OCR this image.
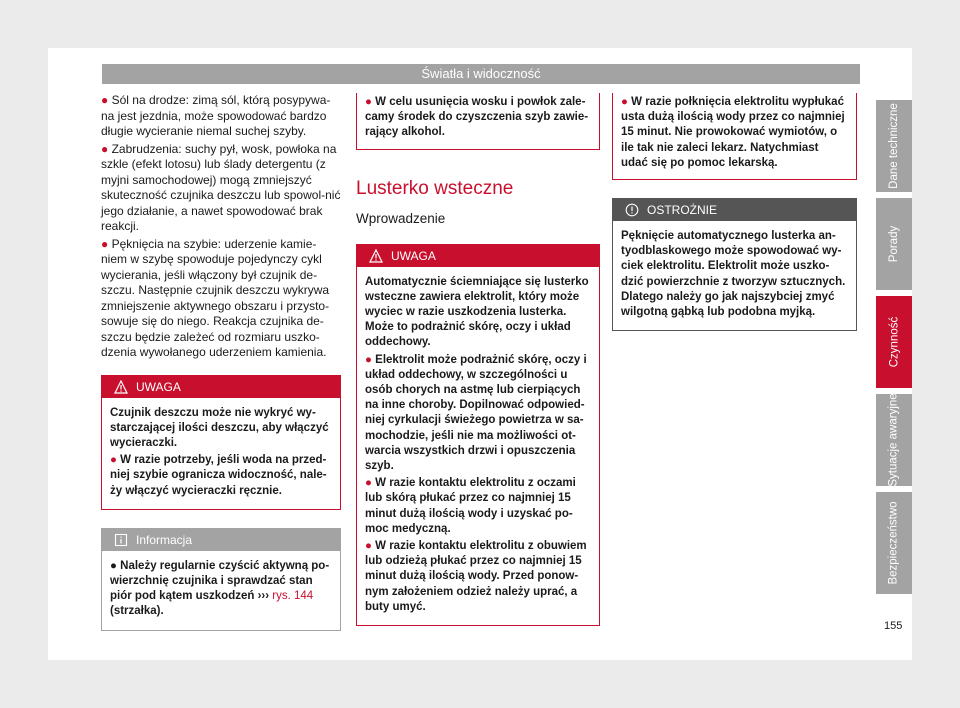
Światła i widoczność

● Sól na drodze: zimą sól, którą posypywa-na jest jezdnia, może spowodować bardzo długie wycieranie niemal suchej szyby.

● Zabrudzenia: suchy pył, wosk, powłoka na szkle (efekt lotosu) lub ślady detergentu (z myjni samochodowej) mogą zmniejszyć skuteczność czujnika deszczu lub spowol-nić jego działanie, a nawet spowodować brak reakcji.

● Pęknięcia na szybie: uderzenie kamie-niem w szybę spowoduje pojedynczy cykl wycierania, jeśli włączony był czujnik de-szczu. Następnie czujnik deszczu wykrywa zmniejszenie aktywnego obszaru i przysto-sowuje się do niego. Reakcja czujnika de-szczu będzie zależeć od rozmiaru uszko-dzenia wywołanego uderzeniem kamienia.

UWAGA

Czujnik deszczu może nie wykryć wy-starczającej ilości deszczu, aby włączyć wycieraczki.

● W razie potrzeby, jeśli woda na przed-niej szybie ogranicza widoczność, nale-ży włączyć wycieraczki ręcznie.

Informacja

● Należy regularnie czyścić aktywną po-wierzchnię czujnika i sprawdzać stan piór pod kątem uszkodzeń ››› rys. 144 (strzałka).

● W celu usunięcia wosku i powłok zale-camy środek do czyszczenia szyb zawie-rający alkohol.

Lusterko wsteczne
Wprowadzenie
UWAGA

Automatycznie ściemniające się lusterko wsteczne zawiera elektrolit, który może wyciec w razie uszkodzenia lusterka. Może to podrażnić skórę, oczy i układ oddechowy.

● Elektrolit może podrażnić skórę, oczy i układ oddechowy, w szczególności u osób chorych na astmę lub cierpiących na inne choroby. Dopilnować odpowied-niej cyrkulacji świeżego powietrza w sa-mochodzie, jeśli nie ma możliwości ot-warcia wszystkich drzwi i opuszczenia szyb.

● W razie kontaktu elektrolitu z oczami lub skórą płukać przez co najmniej 15 minut dużą ilością wody i uzyskać po-moc medyczną.

● W razie kontaktu elektrolitu z obuwiem lub odzieżą płukać przez co najmniej 15 minut dużą ilością wody. Przed ponow-nym założeniem odzież należy uprać, a buty umyć.

● W razie połknięcia elektrolitu wypłukać usta dużą ilością wody przez co najmniej 15 minut. Nie prowokować wymiotów, o ile tak nie zaleci lekarz. Natychmiast udać się po pomoc lekarską.

OSTROŻNIE

Pęknięcie automatycznego lusterka an-tyodblaskowego może spowodować wy-ciek elektrolitu. Elektrolit może uszko-dzić powierzchnie z tworzyw sztucznych. Dlatego należy go jak najszybciej zmyć wilgotną gąbką lub podobna myjką.

Dane techniczne
Porady
Czynność
Sytuacje awaryjne
Bezpieczeństwo
155
